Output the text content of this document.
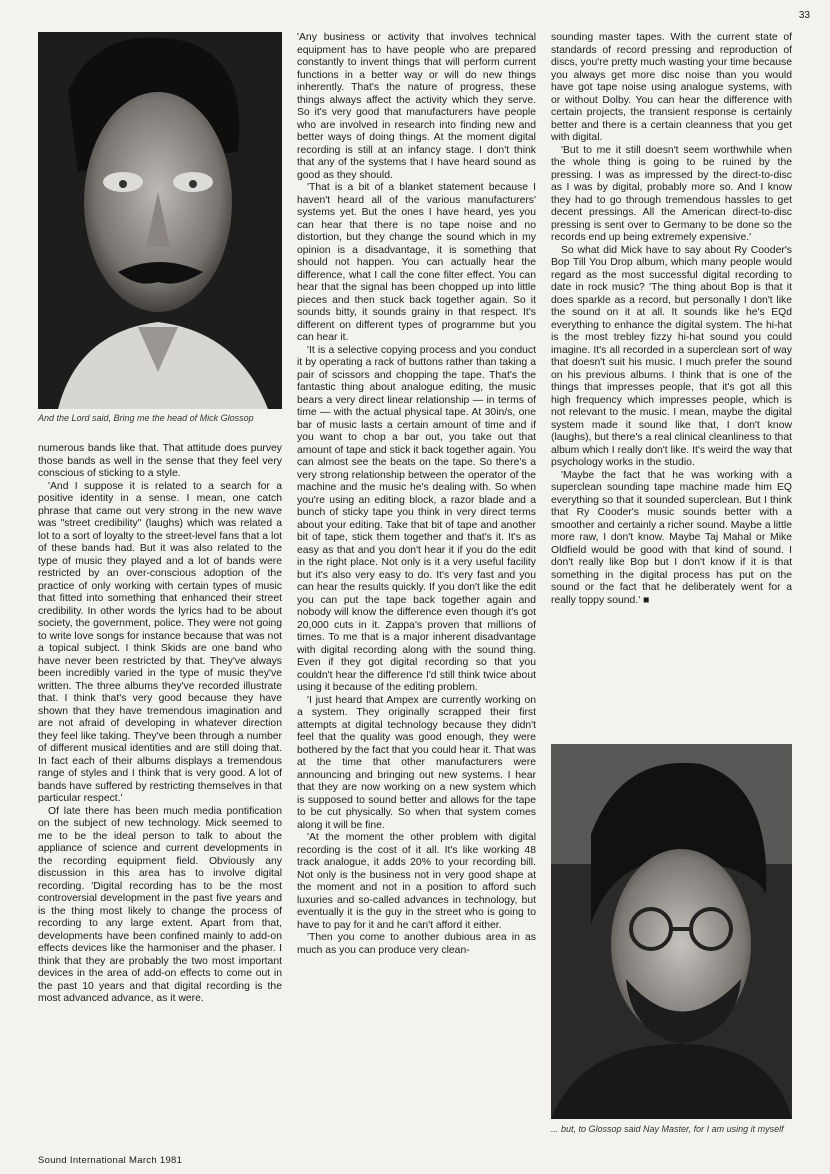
33
And the Lord said, Bring me the head of Mick Glossop

numerous bands like that. That attitude does purvey those bands as well in the sense that they feel very conscious of sticking to a style.

'And I suppose it is related to a search for a positive identity in a sense. I mean, one catch phrase that came out very strong in the new wave was "street credibility" (laughs) which was related a lot to a sort of loyalty to the street-level fans that a lot of these bands had. But it was also related to the type of music they played and a lot of bands were restricted by an over-conscious adoption of the practice of only working with certain types of music that fitted into something that enhanced their street credibility. In other words the lyrics had to be about society, the government, police. They were not going to write love songs for instance because that was not a topical subject. I think Skids are one band who have never been restricted by that. They've always been incredibly varied in the type of music they've written. The three albums they've recorded illustrate that. I think that's very good because they have shown that they have tremendous imagination and are not afraid of developing in whatever direction they feel like taking. They've been through a number of different musical identities and are still doing that. In fact each of their albums displays a tremendous range of styles and I think that is very good. A lot of bands have suffered by restricting themselves in that particular respect.'

Of late there has been much media pontification on the subject of new technology. Mick seemed to me to be the ideal person to talk to about the appliance of science and current developments in the recording equipment field. Obviously any discussion in this area has to involve digital recording. 'Digital recording has to be the most controversial development in the past five years and is the thing most likely to change the process of recording to any large extent. Apart from that, developments have been confined mainly to add-on effects devices like the harmoniser and the phaser. I think that they are probably the two most important devices in the area of add-on effects to come out in the past 10 years and that digital recording is the most advanced advance, as it were.

'Any business or activity that involves technical equipment has to have people who are prepared constantly to invent things that will perform current functions in a better way or will do new things inherently. That's the nature of progress, these things always affect the activity which they serve. So it's very good that manufacturers have people who are involved in research into finding new and better ways of doing things. At the moment digital recording is still at an infancy stage. I don't think that any of the systems that I have heard sound as good as they should.

'That is a bit of a blanket statement because I haven't heard all of the various manufacturers' systems yet. But the ones I have heard, yes you can hear that there is no tape noise and no distortion, but they change the sound which in my opinion is a disadvantage, it is something that should not happen. You can actually hear the difference, what I call the cone filter effect. You can hear that the signal has been chopped up into little pieces and then stuck back together again. So it sounds bitty, it sounds grainy in that respect. It's different on different types of programme but you can hear it.

'It is a selective copying process and you conduct it by operating a rack of buttons rather than taking a pair of scissors and chopping the tape. That's the fantastic thing about analogue editing, the music bears a very direct linear relationship — in terms of time — with the actual physical tape. At 30in/s, one bar of music lasts a certain amount of time and if you want to chop a bar out, you take out that amount of tape and stick it back together again. You can almost see the beats on the tape. So there's a very strong relationship between the operator of the machine and the music he's dealing with. So when you're using an editing block, a razor blade and a bunch of sticky tape you think in very direct terms about your editing. Take that bit of tape and another bit of tape, stick them together and that's it. It's as easy as that and you don't hear it if you do the edit in the right place. Not only is it a very useful facility but it's also very easy to do. It's very fast and you can hear the results quickly. If you don't like the edit you can put the tape back together again and nobody will know the difference even though it's got 20,000 cuts in it. Zappa's proven that millions of times. To me that is a major inherent disadvantage with digital recording along with the sound thing. Even if they got digital recording so that you couldn't hear the difference I'd still think twice about using it because of the editing problem.

'I just heard that Ampex are currently working on a system. They originally scrapped their first attempts at digital technology because they didn't feel that the quality was good enough, they were bothered by the fact that you could hear it. That was at the time that other manufacturers were announcing and bringing out new systems. I hear that they are now working on a new system which is supposed to sound better and allows for the tape to be cut physically. So when that system comes along it will be fine.

'At the moment the other problem with digital recording is the cost of it all. It's like working 48 track analogue, it adds 20% to your recording bill. Not only is the business not in very good shape at the moment and not in a position to afford such luxuries and so-called advances in technology, but eventually it is the guy in the street who is going to have to pay for it and he can't afford it either.

'Then you come to another dubious area in as much as you can produce very clean-

sounding master tapes. With the current state of standards of record pressing and reproduction of discs, you're pretty much wasting your time because you always get more disc noise than you would have got tape noise using analogue systems, with or without Dolby. You can hear the difference with certain projects, the transient response is certainly better and there is a certain cleanness that you get with digital.

'But to me it still doesn't seem worthwhile when the whole thing is going to be ruined by the pressing. I was as impressed by the direct-to-disc as I was by digital, probably more so. And I know they had to go through tremendous hassles to get decent pressings. All the American direct-to-disc pressing is sent over to Germany to be done so the records end up being extremely expensive.'

So what did Mick have to say about Ry Cooder's Bop Till You Drop album, which many people would regard as the most successful digital recording to date in rock music? 'The thing about Bop is that it does sparkle as a record, but personally I don't like the sound on it at all. It sounds like he's EQd everything to enhance the digital system. The hi-hat is the most trebley fizzy hi-hat sound you could imagine. It's all recorded in a superclean sort of way that doesn't suit his music. I much prefer the sound on his previous albums. I think that is one of the things that impresses people, that it's got all this high frequency which impresses people, which is not relevant to the music. I mean, maybe the digital system made it sound like that, I don't know (laughs), but there's a real clinical cleanliness to that album which I really don't like. It's weird the way that psychology works in the studio.

'Maybe the fact that he was working with a superclean sounding tape machine made him EQ everything so that it sounded superclean. But I think that Ry Cooder's music sounds better with a smoother and certainly a richer sound. Maybe a little more raw, I don't know. Maybe Taj Mahal or Mike Oldfield would be good with that kind of sound. I don't really like Bop but I don't know if it is that something in the digital process has put on the sound or the fact that he deliberately went for a really toppy sound.' ■

... but, to Glossop said Nay Master, for I am using it myself
Sound International March 1981
